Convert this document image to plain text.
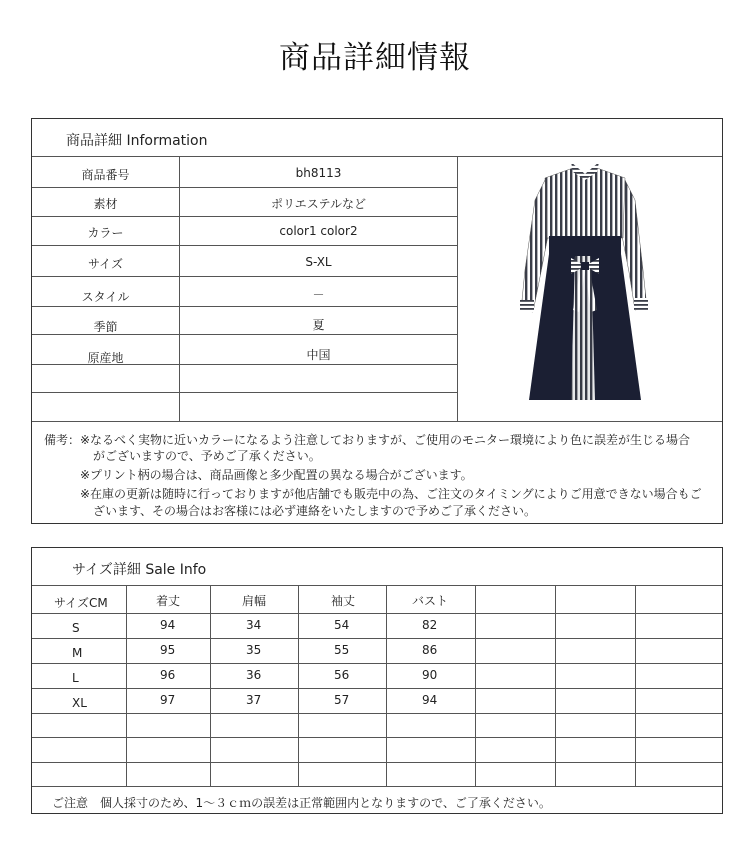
商品詳細情報
商品詳細 Information
商品番号	bh8113
素材	ポリエステルなど
カラー	color1 color2
サイズ	S-XL
スタイル	－
季節	夏
原産地	中国
備考： ※なるべく実物に近いカラーになるよう注意しておりますが、ご使用のモニター環境により色に誤差が生じる場合
がございますので、予めご了承ください。
※プリント柄の場合は、商品画像と多少配置の異なる場合がございます。
※在庫の更新は随時に行っておりますが他店舗でも販売中の為、ご注文のタイミングによりご用意できない場合もご
ざいます、その場合はお客様には必ず連絡をいたしますので予めご了承ください。
サイズ詳細 Sale Info
サイズCM	着丈	肩幅	袖丈	バスト
S	94	34	54	82
M	95	35	55	86
L	96	36	56	90
XL	97	37	57	94
ご注意　個人採寸のため、1～３ｃｍの誤差は正常範囲内となりますので、ご了承ください。
